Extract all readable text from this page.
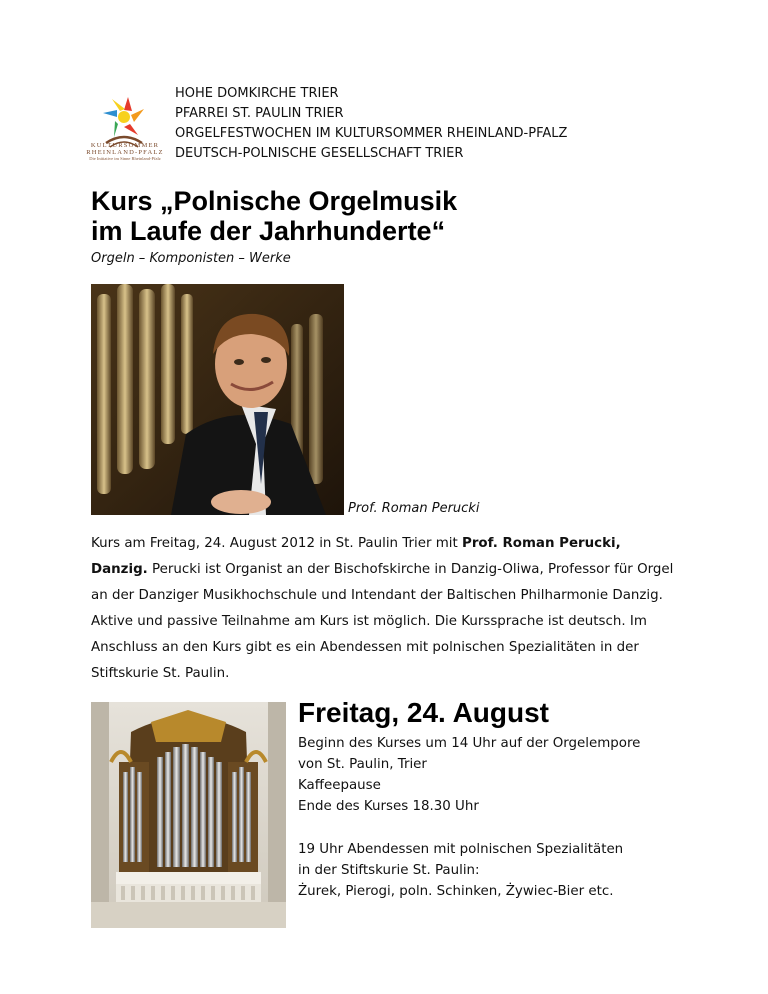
KULTURSOMMER
RHEINLAND-PFALZ
Die Initiative im Sinne Rheinland-Pfalz
HOHE DOMKIRCHE TRIER
PFARREI ST. PAULIN TRIER
ORGELFESTWOCHEN IM KULTURSOMMER RHEINLAND-PFALZ
DEUTSCH-POLNISCHE GESELLSCHAFT TRIER
Kurs „Polnische Orgelmusik
im Laufe der Jahrhunderte“
Orgeln – Komponisten – Werke
Prof. Roman Perucki
Kurs am Freitag, 24. August 2012 in St. Paulin Trier mit Prof. Roman Perucki,
Danzig. Perucki ist Organist an der Bischofskirche in Danzig-Oliwa, Professor für Orgel an der Danziger Musikhochschule und Intendant der Baltischen Philharmonie Danzig. Aktive und passive Teilnahme am Kurs ist möglich. Die Kurssprache ist deutsch. Im Anschluss an den Kurs gibt es ein Abendessen mit polnischen Spezialitäten in der Stiftskurie St. Paulin.
Freitag, 24. August
Beginn des Kurses um 14 Uhr auf der Orgelempore
von St. Paulin, Trier
Kaffeepause
Ende des Kurses 18.30 Uhr
19 Uhr Abendessen mit polnischen Spezialitäten
in der Stiftskurie St. Paulin:
Żurek, Pierogi, poln. Schinken, Żywiec-Bier etc.
